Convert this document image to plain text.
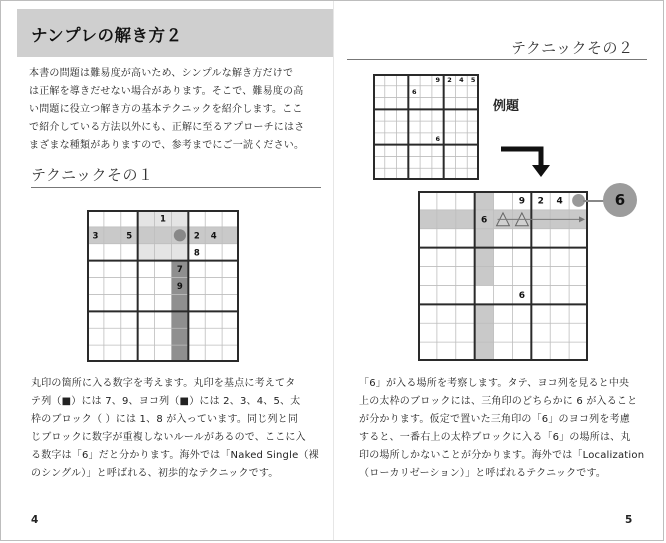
ナンプレの解き方２
本書の問題は難易度が高いため、シンプルな解き方だけで
は正解を導きだせない場合があります。そこで、難易度の高
い問題に役立つ解き方の基本テクニックを紹介します。ここ
で紹介している方法以外にも、正解に至るアプローチにはさ
まざまな種類がありますので、参考までにご一読ください。
テクニックその１
1
3	5	2 4
8
7
9
丸印の箇所に入る数字を考えます。丸印を基点に考えてタ
テ列（■）には 7、9、ヨコ列（■）には 2、3、4、5、太
枠のブロック（ ）には 1、8 が入っています。同じ列と同
じブロックに数字が重複しないルールがあるので、ここに入
る数字は「6」だと分かります。海外では「Naked Single（裸
のシングル）」と呼ばれる、初歩的なテクニックです。
4
テクニックその２
9 2 4 5
6
6
例題
9 2 4
6
6
6
「6」が入る場所を考察します。タテ、ヨコ列を見ると中央
上の太枠のブロックには、三角印のどちらかに 6 が入ること
が分かります。仮定で置いた三角印の「6」のヨコ列を考慮
すると、一番右上の太枠ブロックに入る「6」の場所は、丸
印の場所しかないことが分かります。海外では「Localization
（ローカリゼーション）」と呼ばれるテクニックです。
5
